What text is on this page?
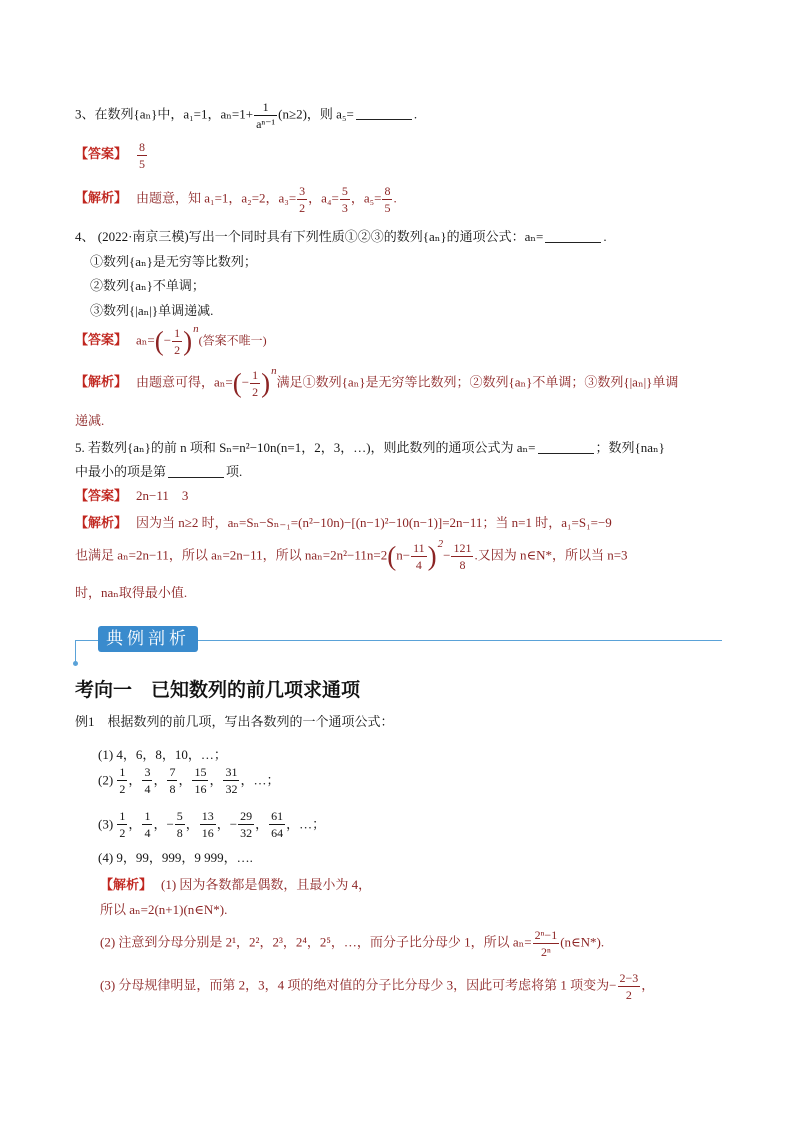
3、在数列{aₙ}中，a₁=1，$a_n=1+ \frac{1}{\text{aⁿ⁻¹}} (n\ge 2)$，则 a₅=	.
【答案】 $\frac{8}{5}$
【解析】 由题意，知 a₁=1，a₂=2，$a_3= \frac{3}{2}$ ，$a_4= \frac{5}{3}$ ，$a_5= \frac{8}{5}$ .
4、 (2022·南京三模)写出一个同时具有下列性质①②③的数列{aₙ}的通项公式：aₙ=	.
①数列{aₙ}是无穷等比数列；
②数列{aₙ}不单调；
③数列{|aₙ|}单调递减.
【答案】 $a_n=(- \frac{1}{2} )^n$(答案不唯一)
【解析】 由题意可得，$a_n=(- \frac{1}{2} )^n$满足①数列{aₙ}是无穷等比数列；②数列{aₙ}不单调；③数列{|aₙ|}单调
递减.
5. 若数列{aₙ}的前 n 项和 Sₙ=n²−10n(n=1，2，3，…)，则此数列的通项公式为 aₙ=	；数列{naₙ}
中最小的项是第	项.
【答案】 2n−11　3
【解析】 因为当 n≥2 时，aₙ=Sₙ−Sₙ₋₁=(n²−10n)−[(n−1)²−10(n−1)]=2n−11；当 n=1 时，a₁=S₁=−9
也满足 aₙ=2n−11，所以 aₙ=2n−11，所以 $na_n=2n^2-11n=2(n- \frac{11}{4} )^2- \frac{121}{8}$ .又因为 n∈N*，所以当 n=3
时，naₙ取得最小值.
典例剖析
考向一　已知数列的前几项求通项
例1　根据数列的前几项，写出各数列的一个通项公式：
(1) 4，6，8，10，…；
$(2) \frac{1}{2}$ ， $\frac{3}{4}$ ， $\frac{7}{8}$ ， $\frac{15}{16}$ ， $\frac{31}{32}$ ，…；
$(3) \frac{1}{2}$ ， $\frac{1}{4}$ ，− $\frac{5}{8}$ ， $\frac{13}{16}$ ，− $\frac{29}{32}$ ， $\frac{61}{64}$ ，…；
(4) 9，99，999，9 999，….
【解析】 (1) 因为各数都是偶数，且最小为 4，
所以 aₙ=2(n+1)(n∈N*).
(2) 注意到分母分别是 2¹，2²，2³，2⁴，2⁵，…，而分子比分母少 1，所以 $a_n= \frac{\text{2ⁿ−1}}{\text{2ⁿ}}$ (n∈N*).
(3) 分母规律明显，而第 2，3，4 项的绝对值的分子比分母少 3，因此可考虑将第 1 项变为− $\frac{2-3}{2}$ ，
